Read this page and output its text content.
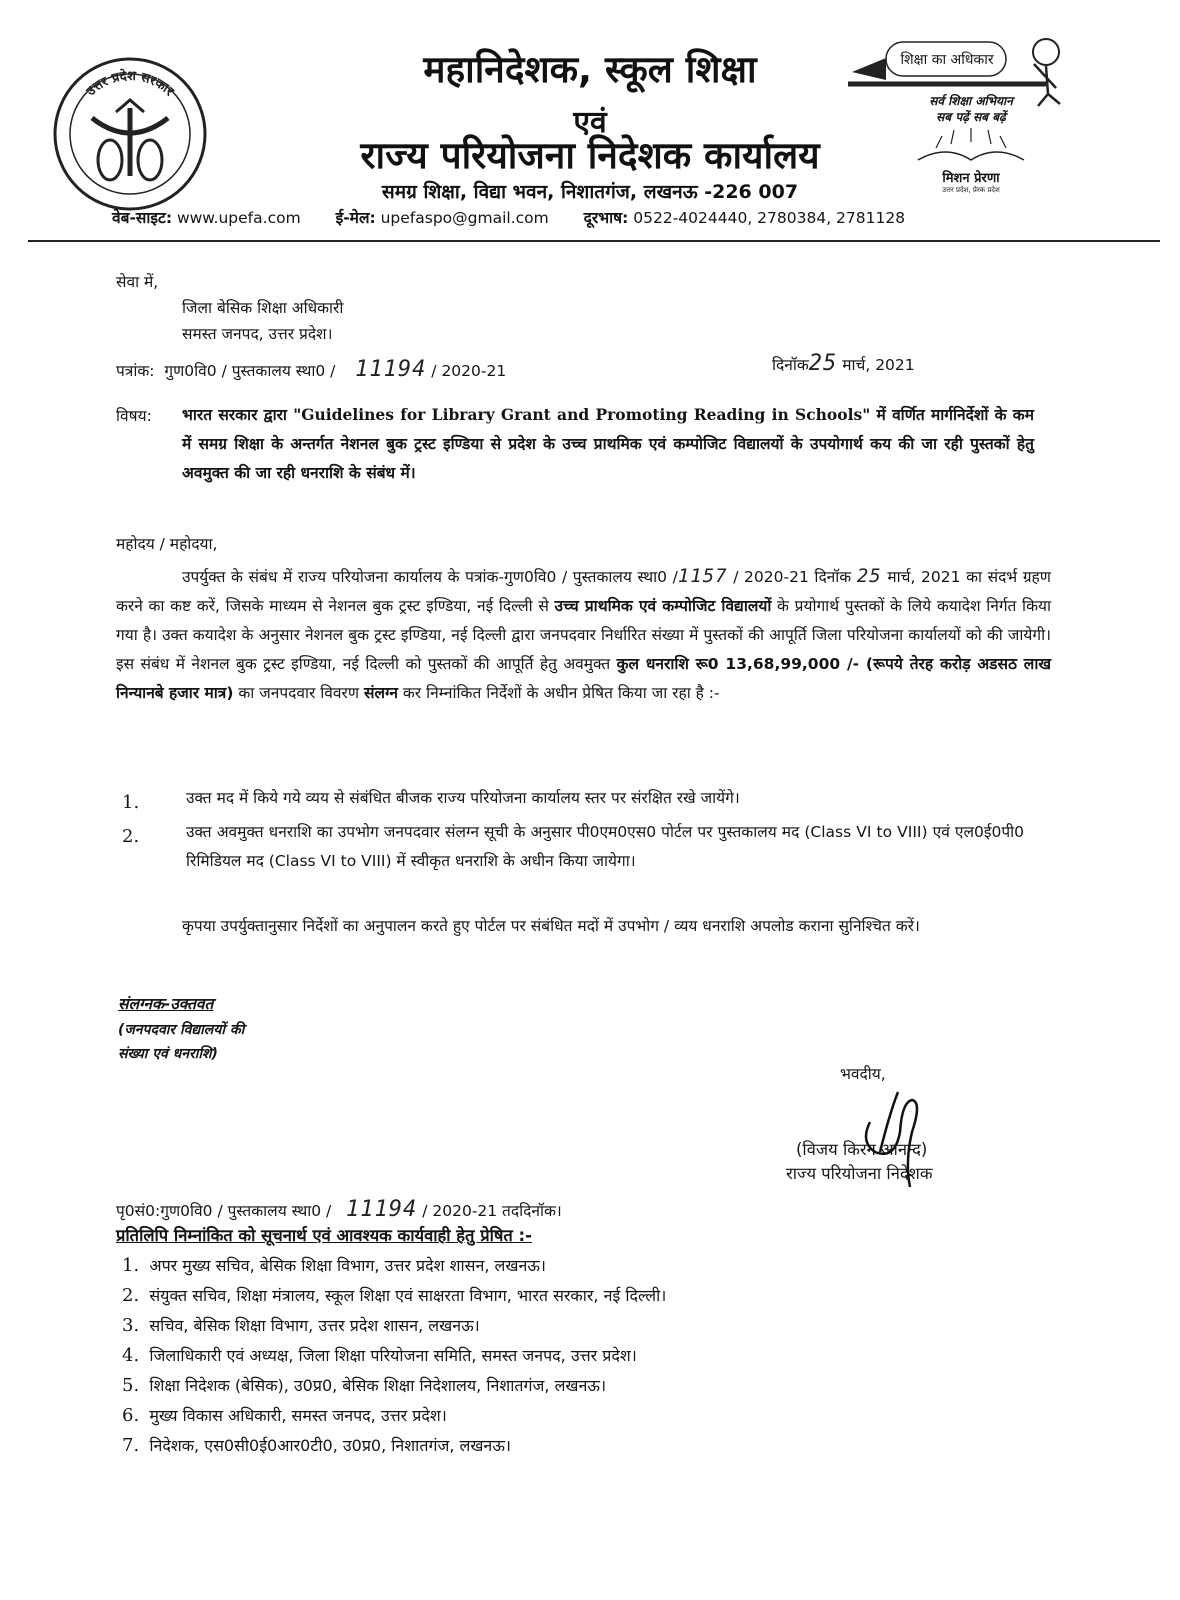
उत्तर प्रदेश सरकार
महानिदेशक, स्कूल शिक्षा
एवं
राज्य परियोजना निदेशक कार्यालय
समग्र शिक्षा, विद्या भवन, निशातगंज, लखनऊ -226 007
शिक्षा का अधिकार
सर्व शिक्षा अभियान
सब पढ़ें सब बढ़ें
मिशन प्रेरणा
उत्तर प्रदेश, प्रेरक प्रदेश
वेब-साइट: www.upefa.com ई-मेल: upefaspo@gmail.com दूरभाष: 0522-4024440, 2780384, 2781128
सेवा में,
जिला बेसिक शिक्षा अधिकारी
समस्त जनपद, उत्तर प्रदेश।
पत्रांक: गुण0वि0 / पुस्तकालय स्था0 / 11194 / 2020-21	दिनॉक25 मार्च, 2021
विषय: भारत सरकार द्वारा "Guidelines for Library Grant and Promoting Reading in Schools" में वर्णित मार्गनिर्देशों के कम में समग्र शिक्षा के अन्तर्गत नेशनल बुक ट्रस्ट इण्डिया से प्रदेश के उच्च प्राथमिक एवं कम्पोजिट विद्यालयों के उपयोगार्थ कय की जा रही पुस्तकों हेतु अवमुक्त की जा रही धनराशि के संबंध में।
महोदय / महोदया,
उपर्युक्त के संबंध में राज्य परियोजना कार्यालय के पत्रांक-गुण0वि0 / पुस्तकालय स्था0 /1157 / 2020-21 दिनॉक 25 मार्च, 2021 का संदर्भ ग्रहण करने का कष्ट करें, जिसके माध्यम से नेशनल बुक ट्रस्ट इण्डिया, नई दिल्ली से उच्च प्राथमिक एवं कम्पोजिट विद्यालयों के प्रयोगार्थ पुस्तकों के लिये कयादेश निर्गत किया गया है। उक्त कयादेश के अनुसार नेशनल बुक ट्रस्ट इण्डिया, नई दिल्ली द्वारा जनपदवार निर्धारित संख्या में पुस्तकों की आपूर्ति जिला परियोजना कार्यालयों को की जायेगी। इस संबंध में नेशनल बुक ट्रस्ट इण्डिया, नई दिल्ली को पुस्तकों की आपूर्ति हेतु अवमुक्त कुल धनराशि रू0 13,68,99,000 /- (रूपये तेरह करोड़ अडसठ लाख निन्यानबे हजार मात्र) का जनपदवार विवरण संलग्न कर निम्नांकित निर्देशों के अधीन प्रेषित किया जा रहा है :-
1.	उक्त मद में किये गये व्यय से संबंधित बीजक राज्य परियोजना कार्यालय स्तर पर संरक्षित रखे जायेंगे।
2.	उक्त अवमुक्त धनराशि का उपभोग जनपदवार संलग्न सूची के अनुसार पी0एम0एस0 पोर्टल पर पुस्तकालय मद (Class VI to VIII) एवं एल0ई0पी0 रिमिडियल मद (Class VI to VIII) में स्वीकृत धनराशि के अधीन किया जायेगा।
कृपया उपर्युक्तानुसार निर्देशों का अनुपालन करते हुए पोर्टल पर संबंधित मदों में उपभोग / व्यय धनराशि अपलोड कराना सुनिश्चित करें।
संलग्नक-उक्तवत
(जनपदवार विद्यालयों की
संख्या एवं धनराशि)
भवदीय,
(विजय किरन आनन्द)
राज्य परियोजना निदेशक
पृ0सं0:गुण0वि0 / पुस्तकालय स्था0 / 11194 / 2020-21 तददिनॉक।
प्रतिलिपि निम्नांकित को सूचनार्थ एवं आवश्यक कार्यवाही हेतु प्रेषित :-
1. अपर मुख्य सचिव, बेसिक शिक्षा विभाग, उत्तर प्रदेश शासन, लखनऊ।
2. संयुक्त सचिव, शिक्षा मंत्रालय, स्कूल शिक्षा एवं साक्षरता विभाग, भारत सरकार, नई दिल्ली।
3. सचिव, बेसिक शिक्षा विभाग, उत्तर प्रदेश शासन, लखनऊ।
4. जिलाधिकारी एवं अध्यक्ष, जिला शिक्षा परियोजना समिति, समस्त जनपद, उत्तर प्रदेश।
5. शिक्षा निदेशक (बेसिक), उ0प्र0, बेसिक शिक्षा निदेशालय, निशातगंज, लखनऊ।
6. मुख्य विकास अधिकारी, समस्त जनपद, उत्तर प्रदेश।
7. निदेशक, एस0सी0ई0आर0टी0, उ0प्र0, निशातगंज, लखनऊ।
